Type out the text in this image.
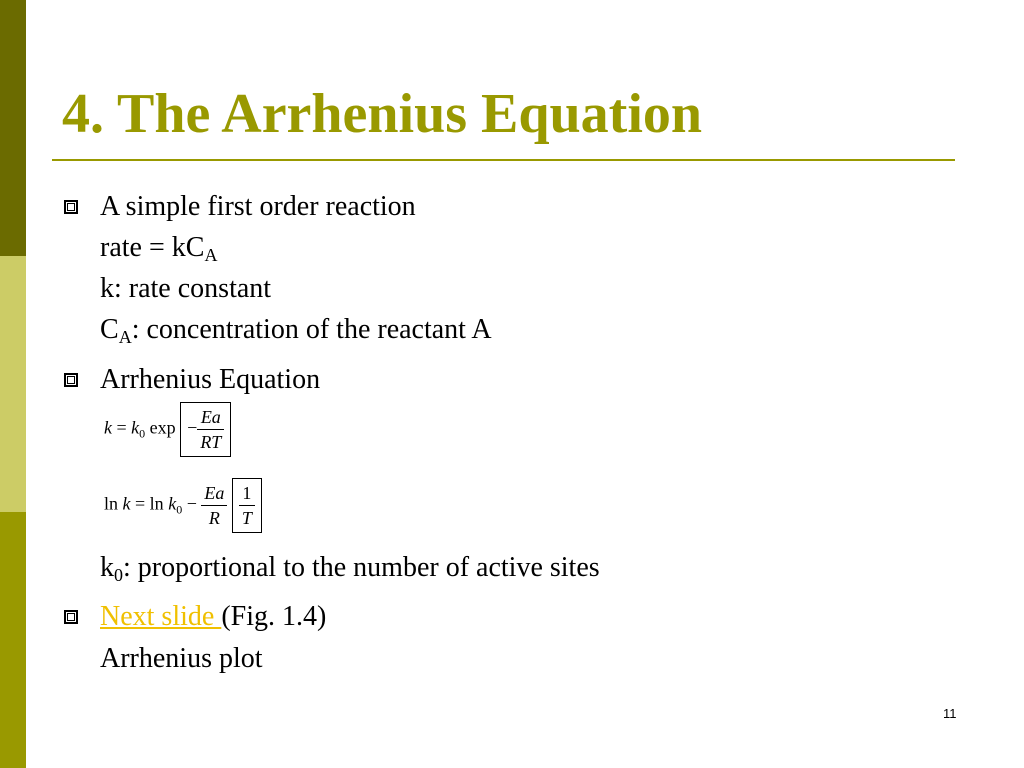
4. The Arrhenius Equation
A simple first order reaction
rate = $kC_A$
k: rate constant
$C_A$: concentration of the reactant A
Arrhenius Equation
$k = k_0$ $\exp - \frac{Ea}{RT}$
$\ln k = \ln k_0 - \frac{Ea}{R}$
$\frac{1}{T}$
$k_0$: proportional to the number of active sites
Next slide (Fig. 1.4)
Arrhenius plot
11
